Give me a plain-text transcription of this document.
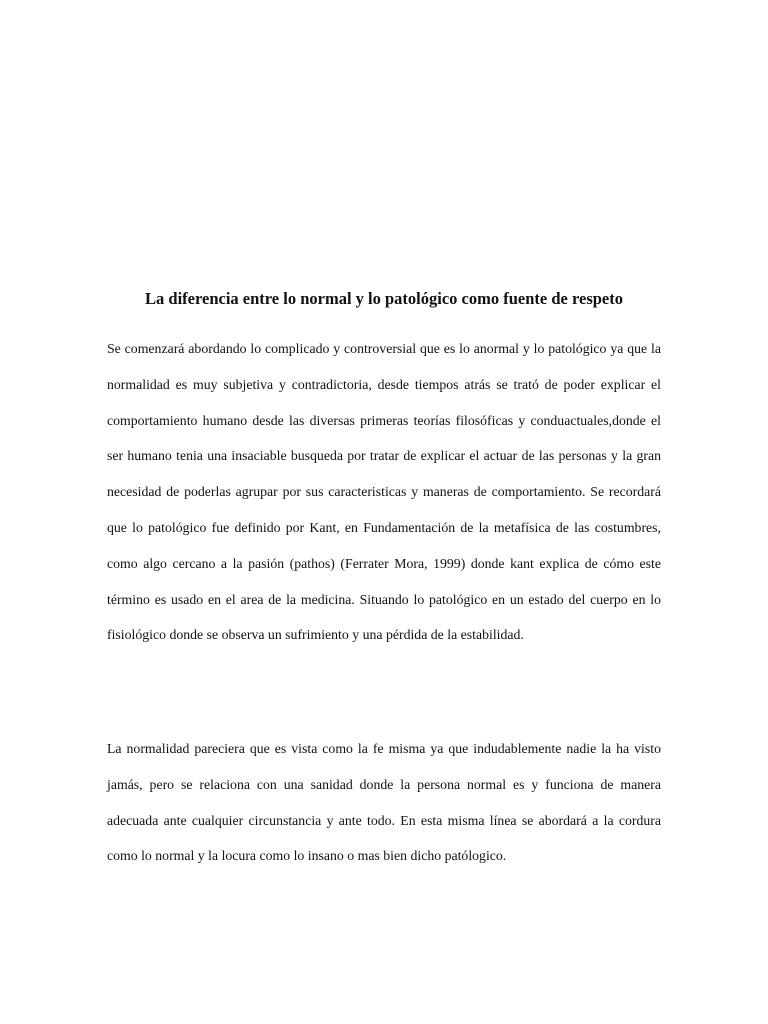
La diferencia entre lo normal y lo patológico como fuente de respeto

Se comenzará abordando lo complicado y controversial que es lo anormal y lo patológico ya que la normalidad es muy subjetiva y contradictoria, desde tiempos atrás se trató de poder explicar el comportamiento humano desde las diversas primeras teorías filosóficas y conduactuales,donde el ser humano tenia una insaciable busqueda por tratar de explicar el actuar de las personas y la gran necesidad de poderlas agrupar por sus caracteristicas y maneras de comportamiento. Se recordará que lo patológico fue definido por Kant, en Fundamentación de la metafísica de las costumbres, como algo cercano a la pasión (pathos) (Ferrater Mora, 1999) donde kant explica de cómo este término es usado en el area de la medicina. Situando lo patológico en un estado del cuerpo en lo fisiológico donde se observa un sufrimiento y una pérdida de la estabilidad.

La normalidad pareciera que es vista como la fe misma ya que indudablemente nadie la ha visto jamás, pero se relaciona con una sanidad donde la persona normal es y funciona de manera adecuada ante cualquier circunstancia y ante todo. En esta misma línea se abordará a la cordura como lo normal y la locura como lo insano o mas bien dicho patólogico.
